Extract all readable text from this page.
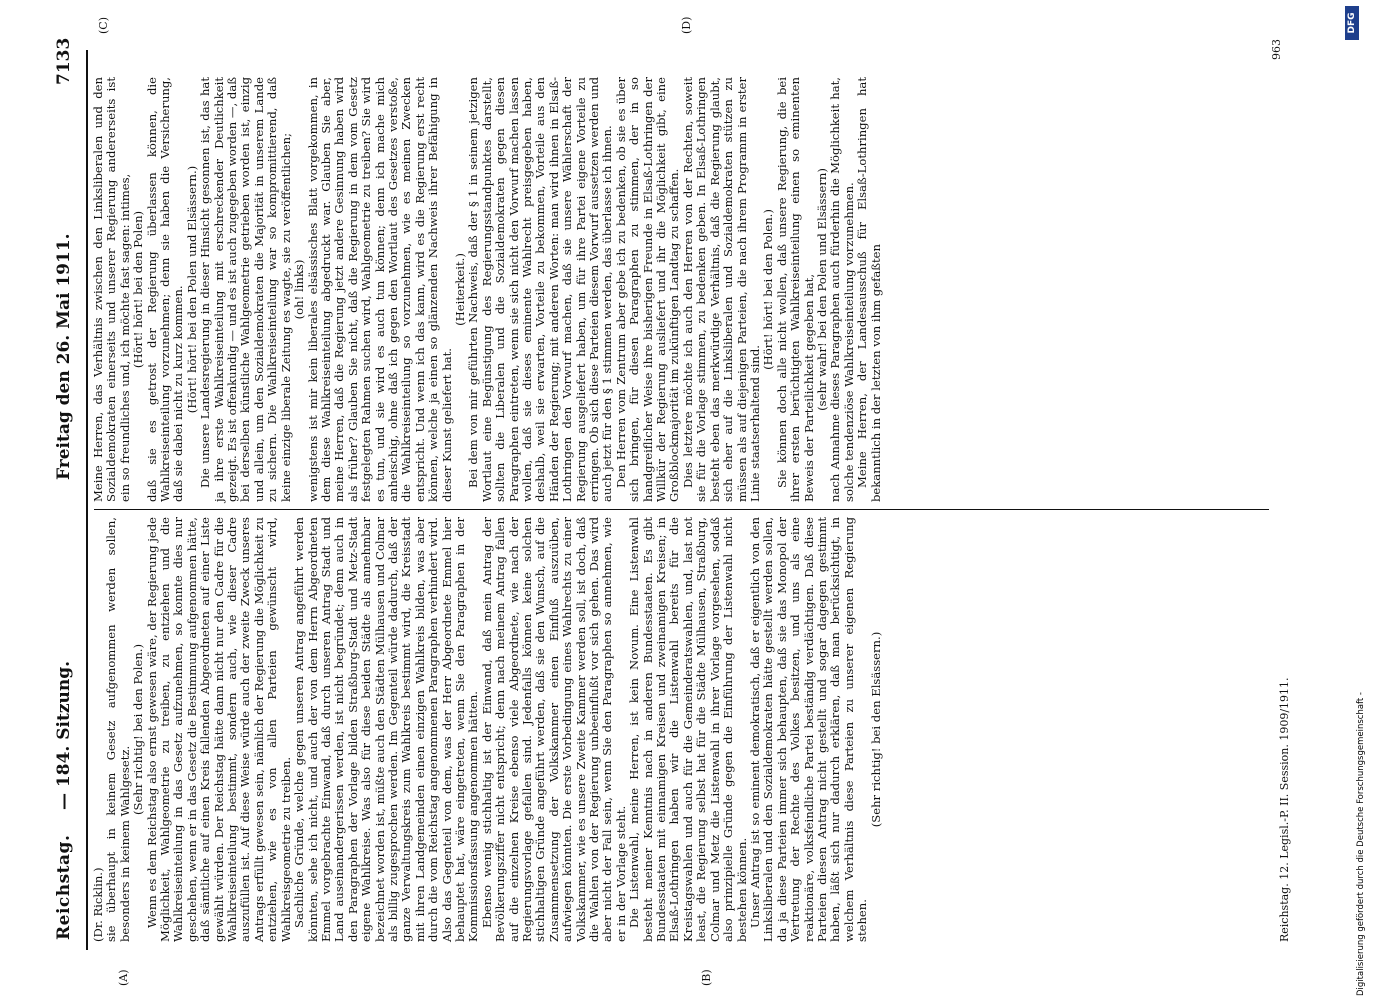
Reichstag.
— 184. Sitzung.
Freitag den 26. Mai 1911.
7133
(A)	(B)
(C)	(D)

(Dr. Ricklin.) sie überhaupt in keinem Gesetz aufgenommen werden sollen, besonders in keinem Wahlgesetz.

(Sehr richtig! bei den Polen.) Wenn es dem Reichstag also ernst gewesen wäre, der Regierung jede Möglichkeit, Wahlgeometrie zu treiben, zu entziehen und die Wahlkreiseinteilung in das Gesetz aufzunehmen, so konnte dies nur geschehen, wenn er in das Gesetz die Bestimmung aufgenommen hätte, daß sämtliche auf einen Kreis fallenden Abgeordneten auf einer Liste gewählt würden. Der Reichstag hätte dann nicht nur den Cadre für die Wahlkreiseinteilung bestimmt, sondern auch, wie dieser Cadre auszufüllen ist. Auf diese Weise würde auch der zweite Zweck unseres Antrags erfüllt gewesen sein, nämlich der Regierung die Möglichkeit zu entziehen, wie es von allen Parteien gewünscht wird, Wahlkreisgeometrie zu treiben. Sachliche Gründe, welche gegen unseren Antrag angeführt werden könnten, sehe ich nicht, und auch der von dem Herrn Abgeordneten Emmel vorgebrachte Einwand, daß durch unseren Antrag Stadt und Land auseinandergerissen werden, ist nicht begründet; denn auch in den Paragraphen der Vorlage bilden Straßburg-Stadt und Metz-Stadt eigene Wahlkreise. Was also für diese beiden Städte als annehmbar bezeichnet worden ist, müßte auch den Städten Mülhausen und Colmar als billig zugesprochen werden. Im Gegenteil würde dadurch, daß der ganze Verwaltungskreis zum Wahlkreis bestimmt wird, die Kreisstadt mit ihren Landgemeinden einen einzigen Wahlkreis bilden, was aber durch die vom Reichstag angenommenen Paragraphen verhindert wird. Also das Gegenteil von dem, was der Herr Abgeordnete Emmel hier behauptet hat, wäre eingetreten, wenn Sie den Paragraphen in der Kommissionsfassung angenommen hätten. Ebenso wenig stichhaltig ist der Einwand, daß mein Antrag der Bevölkerungsziffer nicht entspricht; denn nach meinem Antrag fallen auf die einzelnen Kreise ebenso viele Abgeordnete, wie nach der Regierungsvorlage gefallen sind. Jedenfalls können keine solchen stichhaltigen Gründe angeführt werden, daß sie den Wunsch, auf die Zusammensetzung der Volkskammer einen Einfluß auszuüben, aufwiegen könnten. Die erste Vorbedingung eines Wahlrechts zu einer Volkskammer, wie es unsere Zweite Kammer werden soll, ist doch, daß die Wahlen von der Regierung unbeeinflußt vor sich gehen. Das wird aber nicht der Fall sein, wenn Sie den Paragraphen so annehmen, wie er in der Vorlage steht. Die Listenwahl, meine Herren, ist kein Novum. Eine Listenwahl besteht meiner Kenntnis nach in anderen Bundesstaaten. Es gibt Bundesstaaten mit einnamigen Kreisen und zweinamigen Kreisen; in Elsaß-Lothringen haben wir die Listenwahl bereits für die Kreistagswahlen und auch für die Gemeinderatswahlen, und, last not least, die Regierung selbst hat für die Städte Mülhausen, Straßburg, Colmar und Metz die Listenwahl in ihrer Vorlage vorgesehen, sodaß also prinzipielle Gründe gegen die Einführung der Listenwahl nicht bestehen können. Unser Antrag ist so eminent demokratisch, daß er eigentlich von den Linksliberalen und den Sozialdemokraten hätte gestellt werden sollen, da ja diese Parteien immer sich behaupten, daß sie das Monopol der Vertretung der Rechte des Volkes besitzen, und uns als eine reaktionäre, volksfeindliche Partei beständig verdächtigen. Daß diese Parteien diesen Antrag nicht gestellt und sogar dagegen gestimmt haben, läßt sich nur dadurch erklären, daß man berücksichtigt, in welchem Verhältnis diese Parteien zu unserer eigenen Regierung stehen.

(Sehr richtig! bei den Elsässern.)

Meine Herren, das Verhältnis zwischen den Linksliberalen und den Sozialdemokraten einerseits und unserer Regierung andererseits ist ein so freundliches und, ich möchte fast sagen: intimes, (Hört! hört! bei den Polen) daß sie es getrost der Regierung überlassen können, die Wahlkreiseinteilung vorzunehmen; denn sie haben die Versicherung, daß sie dabei nicht zu kurz kommen. (Hört! hört! bei den Polen und Elsässern.) Die unsere Landesregierung in dieser Hinsicht gesonnen ist, das hat ja ihre erste Wahlkreiseinteilung mit erschreckender Deutlichkeit gezeigt. Es ist offenkundig — und es ist auch zugegeben worden —, daß bei derselben künstliche Wahlgeometrie getrieben worden ist, einzig und allein, um den Sozialdemokraten die Majorität in unserem Lande zu sichern. Die Wahlkreiseinteilung war so kompromittierend, daß keine einzige liberale Zeitung es wagte, sie zu veröffentlichen; (oh! links) wenigstens ist mir kein liberales elsässisches Blatt vorgekommen, in dem diese Wahlkreiseinteilung abgedruckt war. Glauben Sie aber, meine Herren, daß die Regierung jetzt andere Gesinnung haben wird als früher? Glauben Sie nicht, daß die Regierung in dem vom Gesetz festgelegten Rahmen suchen wird, Wahlgeometrie zu treiben? Sie wird es tun, und sie wird es auch tun können; denn ich mache mich anheischig, ohne daß ich gegen den Wortlaut des Gesetzes verstoße, die Wahlkreiseinteilung so vorzunehmen, wie es meinen Zwecken entspricht. Und wenn ich das kann, wird es die Regierung erst recht können, welche ja einen so glänzenden Nachweis ihrer Befähigung in dieser Kunst geliefert hat.

(Heiterkeit.) Bei dem von mir geführten Nachweis, daß der § 1 in seinem jetzigen Wortlaut eine Begünstigung des Regierungsstandpunktes darstellt, sollten die Liberalen und die Sozialdemokraten gegen diesen Paragraphen eintreten, wenn sie sich nicht den Vorwurf machen lassen wollen, daß sie dieses eminente Wahlrecht preisgegeben haben, deshalb, weil sie erwarten, Vorteile zu bekommen, Vorteile aus den Händen der Regierung; mit anderen Worten: man wird ihnen in Elsaß-Lothringen den Vorwurf machen, daß sie unsere Wählerschaft der Regierung ausgeliefert haben, um für ihre Partei eigene Vorteile zu erringen. Ob sich diese Parteien diesem Vorwurf aussetzen werden und auch jetzt für den § 1 stimmen werden, das überlasse ich ihnen. Den Herren vom Zentrum aber gebe ich zu bedenken, ob sie es über sich bringen, für diesen Paragraphen zu stimmen, der in so handgreiflicher Weise ihre bisherigen Freunde in Elsaß-Lothringen der Willkür der Regierung ausliefert und ihr die Möglichkeit gibt, eine Großblockmajorität im zukünftigen Landtag zu schaffen. Dies letztere möchte ich auch den Herren von der Rechten, soweit sie für die Vorlage stimmen, zu bedenken geben. In Elsaß-Lothringen besteht eben das merkwürdige Verhältnis, daß die Regierung glaubt, sich eher auf die Linksliberalen und Sozialdemokraten stützen zu müssen als auf diejenigen Parteien, die nach ihrem Programm in erster Linie staatserhaltend sind.

(Hört! hört! bei den Polen.) Sie können doch alle nicht wollen, daß unsere Regierung, die bei ihrer ersten berüchtigten Wahlkreiseinteilung einen so eminenten Beweis der Parteilichkeit gegeben hat, (sehr wahr! bei den Polen und Elsässern) nach Annahme dieses Paragraphen auch fürderhin die Möglichkeit hat, solche tendenziöse Wahlkreiseinteilung vorzunehmen. Meine Herren, der Landesausschuß für Elsaß-Lothringen hat bekanntlich in der letzten von ihm gefaßten

Reichstag. 12. Legisl.-P. II. Session. 1909/1911.
963
Digitalisierung gefördert durch die Deutsche Forschungsgemeinschaft -
DFG
